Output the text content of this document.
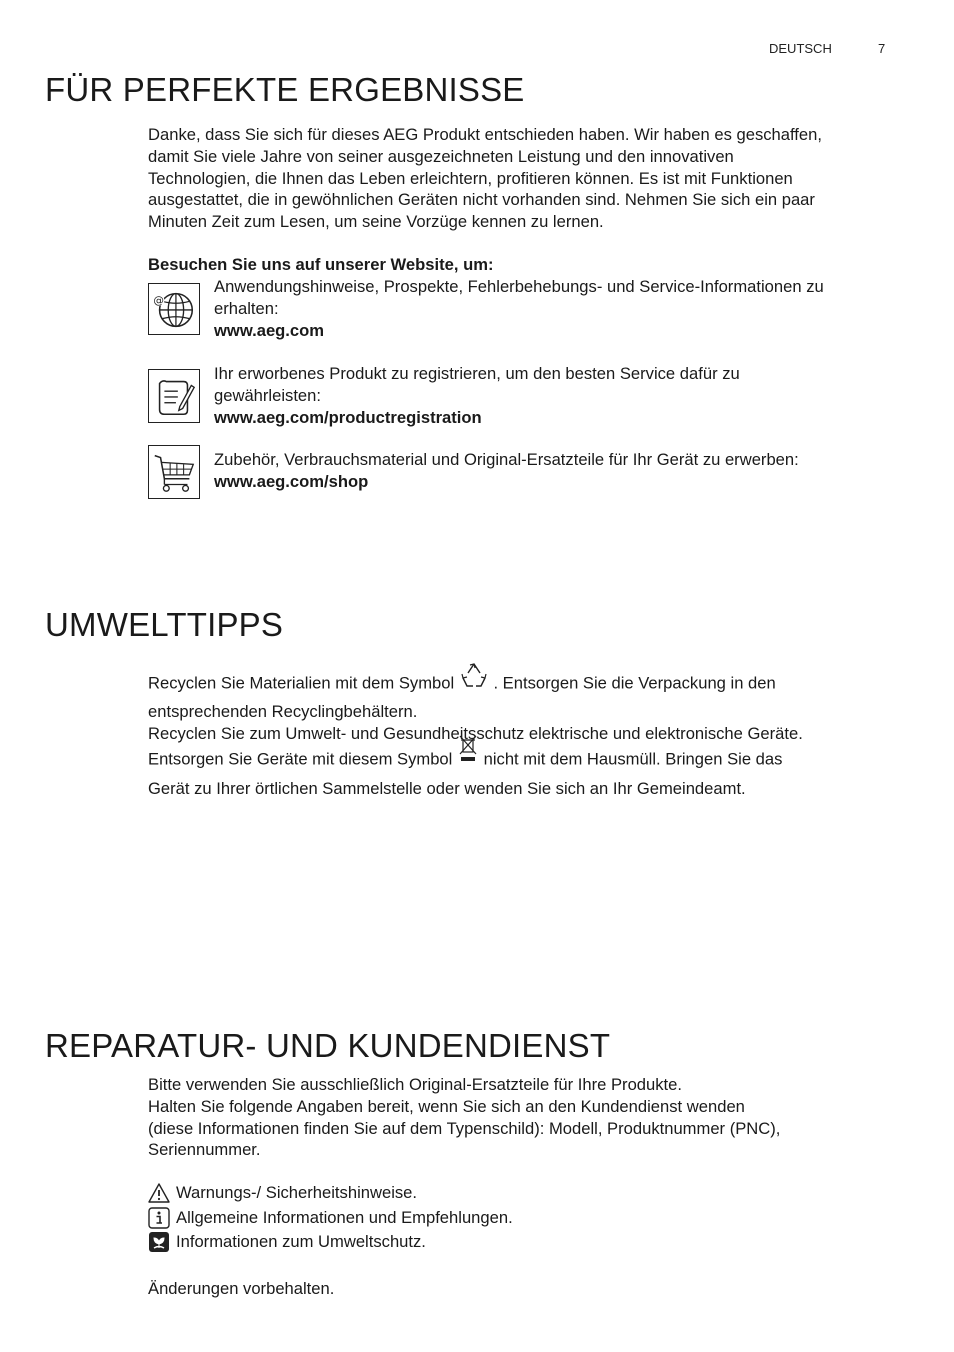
DEUTSCH	7
FÜR PERFEKTE ERGEBNISSE
Danke, dass Sie sich für dieses AEG Produkt entschieden haben. Wir haben es geschaffen,
damit Sie viele Jahre von seiner ausgezeichneten Leistung und den innovativen
Technologien, die Ihnen das Leben erleichtern, profitieren können. Es ist mit Funktionen
ausgestattet, die in gewöhnlichen Geräten nicht vorhanden sind. Nehmen Sie sich ein paar
Minuten Zeit zum Lesen, um seine Vorzüge kennen zu lernen.
Besuchen Sie uns auf unserer Website, um:
@
Anwendungshinweise, Prospekte, Fehlerbehebungs- und Service-Informationen zu
erhalten:
www.aeg.com
Ihr erworbenes Produkt zu registrieren, um den besten Service dafür zu
gewährleisten:
www.aeg.com/productregistration
Zubehör, Verbrauchsmaterial und Original-Ersatzteile für Ihr Gerät zu erwerben:
www.aeg.com/shop
UMWELTTIPPS
Recyclen Sie Materialien mit dem Symbol . Entsorgen Sie die Verpackung in den
entsprechenden Recyclingbehältern.
Recyclen Sie zum Umwelt- und Gesundheitsschutz elektrische und elektronische Geräte.
Entsorgen Sie Geräte mit diesem Symbol nicht mit dem Hausmüll. Bringen Sie das
Gerät zu Ihrer örtlichen Sammelstelle oder wenden Sie sich an Ihr Gemeindeamt.
REPARATUR- UND KUNDENDIENST
Bitte verwenden Sie ausschließlich Original-Ersatzteile für Ihre Produkte.
Halten Sie folgende Angaben bereit, wenn Sie sich an den Kundendienst wenden
(diese Informationen finden Sie auf dem Typenschild): Modell, Produktnummer (PNC),
Seriennummer.
Warnungs-/ Sicherheitshinweise.
Allgemeine Informationen und Empfehlungen.
Informationen zum Umweltschutz.
Änderungen vorbehalten.
